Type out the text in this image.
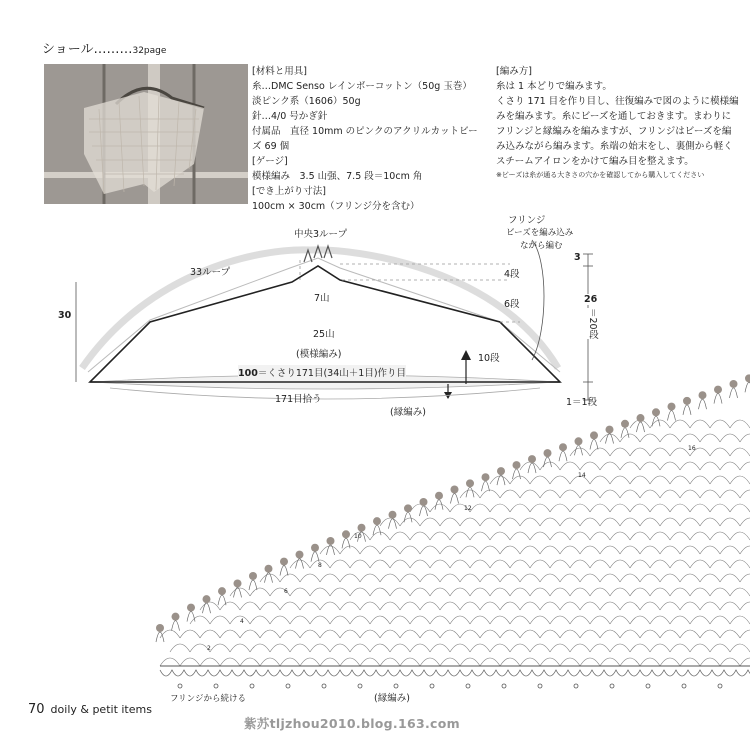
ショール………32page
[材料と用具]
糸…DMC Senso レインボーコットン（50g 玉巻）
淡ピンク系（1606）50g
針…4/0 号かぎ針
付属品　直径 10mm のピンクのアクリルカットビー
ズ 69 個
[ゲージ]
模様編み　3.5 山强、7.5 段＝10cm 角
[でき上がり寸法]
100cm × 30cm（フリンジ分を含む）
[編み方]
糸は 1 本どりで編みます。
くさり 171 目を作り目し、往復編みで図のように模様編
みを編みます。糸にビーズを通しておきます。まわりに
フリンジと縁編みを編みますが、フリンジはビーズを編
み込みながら編みます。糸端の始末をし、裏側から軽く
スチームアイロンをかけて編み目を整えます。
※ビーズは糸が通る大きさの穴かを確認してから購入してください
中央3ループ
フリンジ
ビーズを編み込み
ながら編む
33ループ	4段
6段
7山
25山
(模様編み)	10段
30
3
26
＝20段
1＝1段
100＝くさり171目(34山＋1目)作り目
171目拾う
(縁編み)
2
4
6
8
10
12
14
16
フリンジから続ける	(縁編み)
70 doily & petit items
紫苏tljzhou2010.blog.163.com
